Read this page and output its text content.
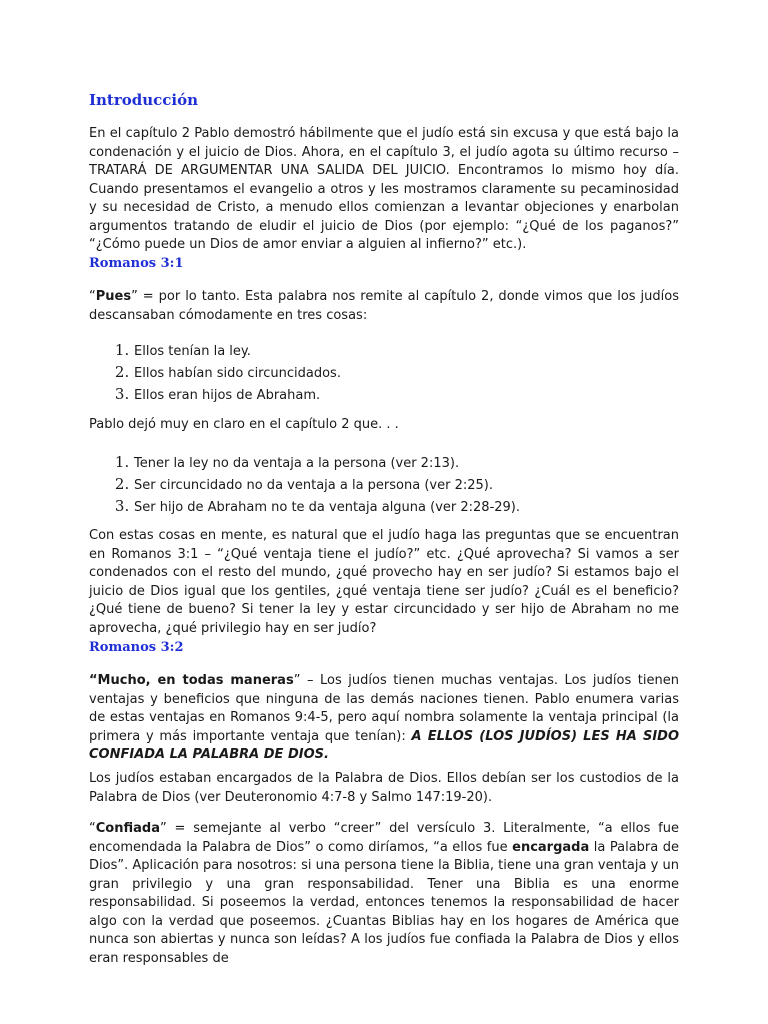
Introducción

En el capítulo 2 Pablo demostró hábilmente que el judío está sin excusa y que está bajo la condenación y el juicio de Dios. Ahora, en el capítulo 3, el judío agota su último recurso – TRATARÁ DE ARGUMENTAR UNA SALIDA DEL JUICIO. Encontramos lo mismo hoy día. Cuando presentamos el evangelio a otros y les mostramos claramente su pecaminosidad y su necesidad de Cristo, a menudo ellos comienzan a levantar objeciones y enarbolan argumentos tratando de eludir el juicio de Dios (por ejemplo: “¿Qué de los paganos?” “¿Cómo puede un Dios de amor enviar a alguien al infierno?” etc.).

Romanos 3:1

“Pues” = por lo tanto. Esta palabra nos remite al capítulo 2, donde vimos que los judíos descansaban cómodamente en tres cosas:

1. Ellos tenían la ley.
2. Ellos habían sido circuncidados.
3. Ellos eran hijos de Abraham.

Pablo dejó muy en claro en el capítulo 2 que. . .

1. Tener la ley no da ventaja a la persona (ver 2:13).
2. Ser circuncidado no da ventaja a la persona (ver 2:25).
3. Ser hijo de Abraham no te da ventaja alguna (ver 2:28-29).

Con estas cosas en mente, es natural que el judío haga las preguntas que se encuentran en Romanos 3:1 – “¿Qué ventaja tiene el judío?” etc. ¿Qué aprovecha? Si vamos a ser condenados con el resto del mundo, ¿qué provecho hay en ser judío? Si estamos bajo el juicio de Dios igual que los gentiles, ¿qué ventaja tiene ser judío? ¿Cuál es el beneficio? ¿Qué tiene de bueno? Si tener la ley y estar circuncidado y ser hijo de Abraham no me aprovecha, ¿qué privilegio hay en ser judío?

Romanos 3:2

“Mucho, en todas maneras” – Los judíos tienen muchas ventajas. Los judíos tienen ventajas y beneficios que ninguna de las demás naciones tienen. Pablo enumera varias de estas ventajas en Romanos 9:4-5, pero aquí nombra solamente la ventaja principal (la primera y más importante ventaja que tenían): A ELLOS (LOS JUDÍOS) LES HA SIDO CONFIADA LA PALABRA DE DIOS.

Los judíos estaban encargados de la Palabra de Dios. Ellos debían ser los custodios de la Palabra de Dios (ver Deuteronomio 4:7-8 y Salmo 147:19-20).

“Confiada” = semejante al verbo “creer” del versículo 3. Literalmente, “a ellos fue encomendada la Palabra de Dios” o como diríamos, “a ellos fue encargada la Palabra de Dios”. Aplicación para nosotros: si una persona tiene la Biblia, tiene una gran ventaja y un gran privilegio y una gran responsabilidad. Tener una Biblia es una enorme responsabilidad. Si poseemos la verdad, entonces tenemos la responsabilidad de hacer algo con la verdad que poseemos. ¿Cuantas Biblias hay en los hogares de América que nunca son abiertas y nunca son leídas? A los judíos fue confiada la Palabra de Dios y ellos eran responsables de
